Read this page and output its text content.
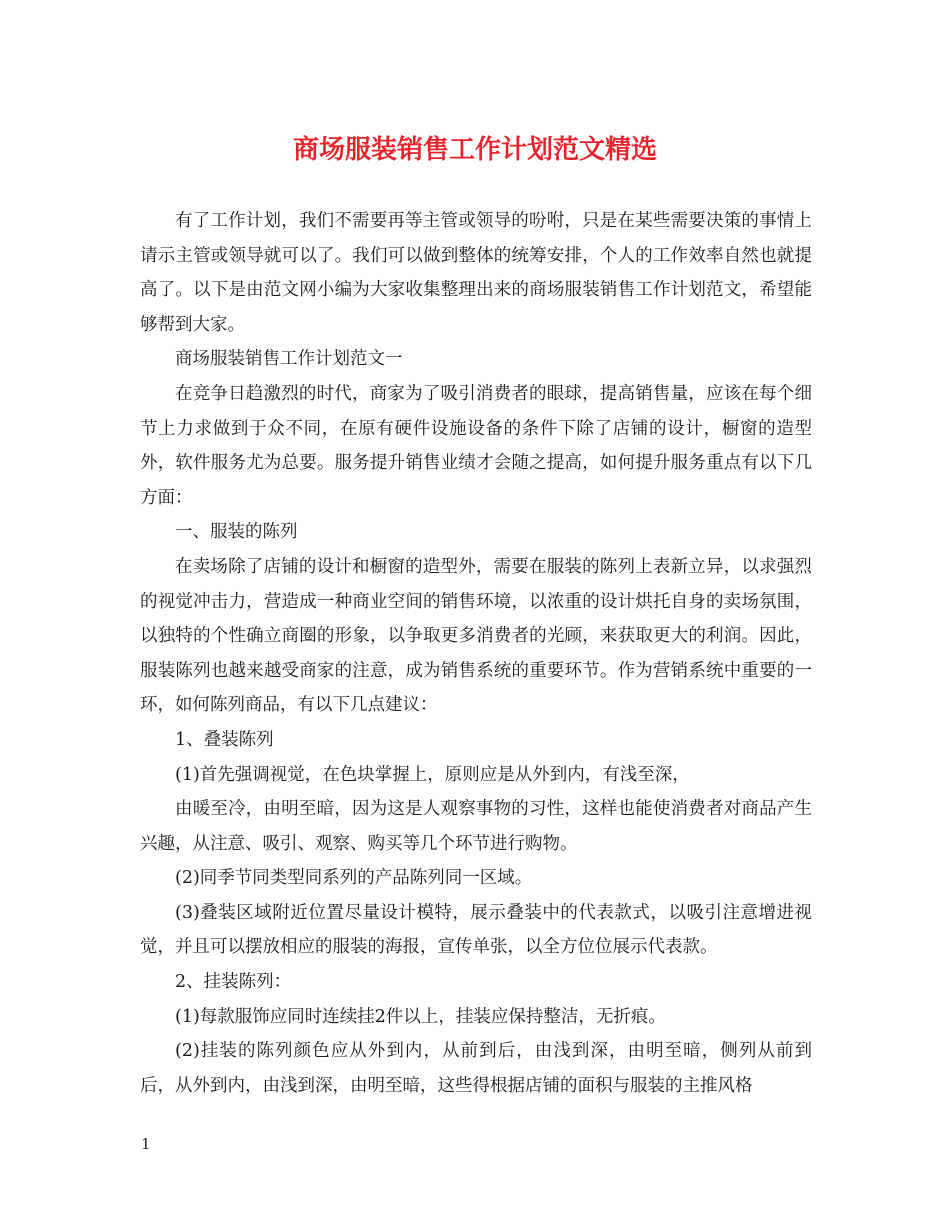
商场服装销售工作计划范文精选

有了工作计划，我们不需要再等主管或领导的吩咐，只是在某些需要决策的事情上请示主管或领导就可以了。我们可以做到整体的统筹安排，个人的工作效率自然也就提高了。以下是由范文网小编为大家收集整理出来的商场服装销售工作计划范文，希望能够帮到大家。

商场服装销售工作计划范文一

在竞争日趋激烈的时代，商家为了吸引消费者的眼球，提高销售量，应该在每个细节上力求做到于众不同，在原有硬件设施设备的条件下除了店铺的设计，橱窗的造型外，软件服务尤为总要。服务提升销售业绩才会随之提高，如何提升服务重点有以下几方面：

一、服装的陈列

在卖场除了店铺的设计和橱窗的造型外，需要在服装的陈列上表新立异，以求强烈的视觉冲击力，营造成一种商业空间的销售环境，以浓重的设计烘托自身的卖场氛围，以独特的个性确立商圈的形象，以争取更多消费者的光顾，来获取更大的利润。因此，服装陈列也越来越受商家的注意，成为销售系统的重要环节。作为营销系统中重要的一环，如何陈列商品，有以下几点建议：

1、叠装陈列

(1)首先强调视觉，在色块掌握上，原则应是从外到内，有浅至深，

由暖至冷，由明至暗，因为这是人观察事物的习性，这样也能使消费者对商品产生兴趣，从注意、吸引、观察、购买等几个环节进行购物。

(2)同季节同类型同系列的产品陈列同一区域。

(3)叠装区域附近位置尽量设计模特，展示叠装中的代表款式，以吸引注意增进视觉，并且可以摆放相应的服装的海报，宣传单张，以全方位位展示代表款。

2、挂装陈列：

(1)每款服饰应同时连续挂2件以上，挂装应保持整洁，无折痕。

(2)挂装的陈列颜色应从外到内，从前到后，由浅到深，由明至暗，侧列从前到后，从外到内，由浅到深，由明至暗，这些得根据店铺的面积与服装的主推风格

1
